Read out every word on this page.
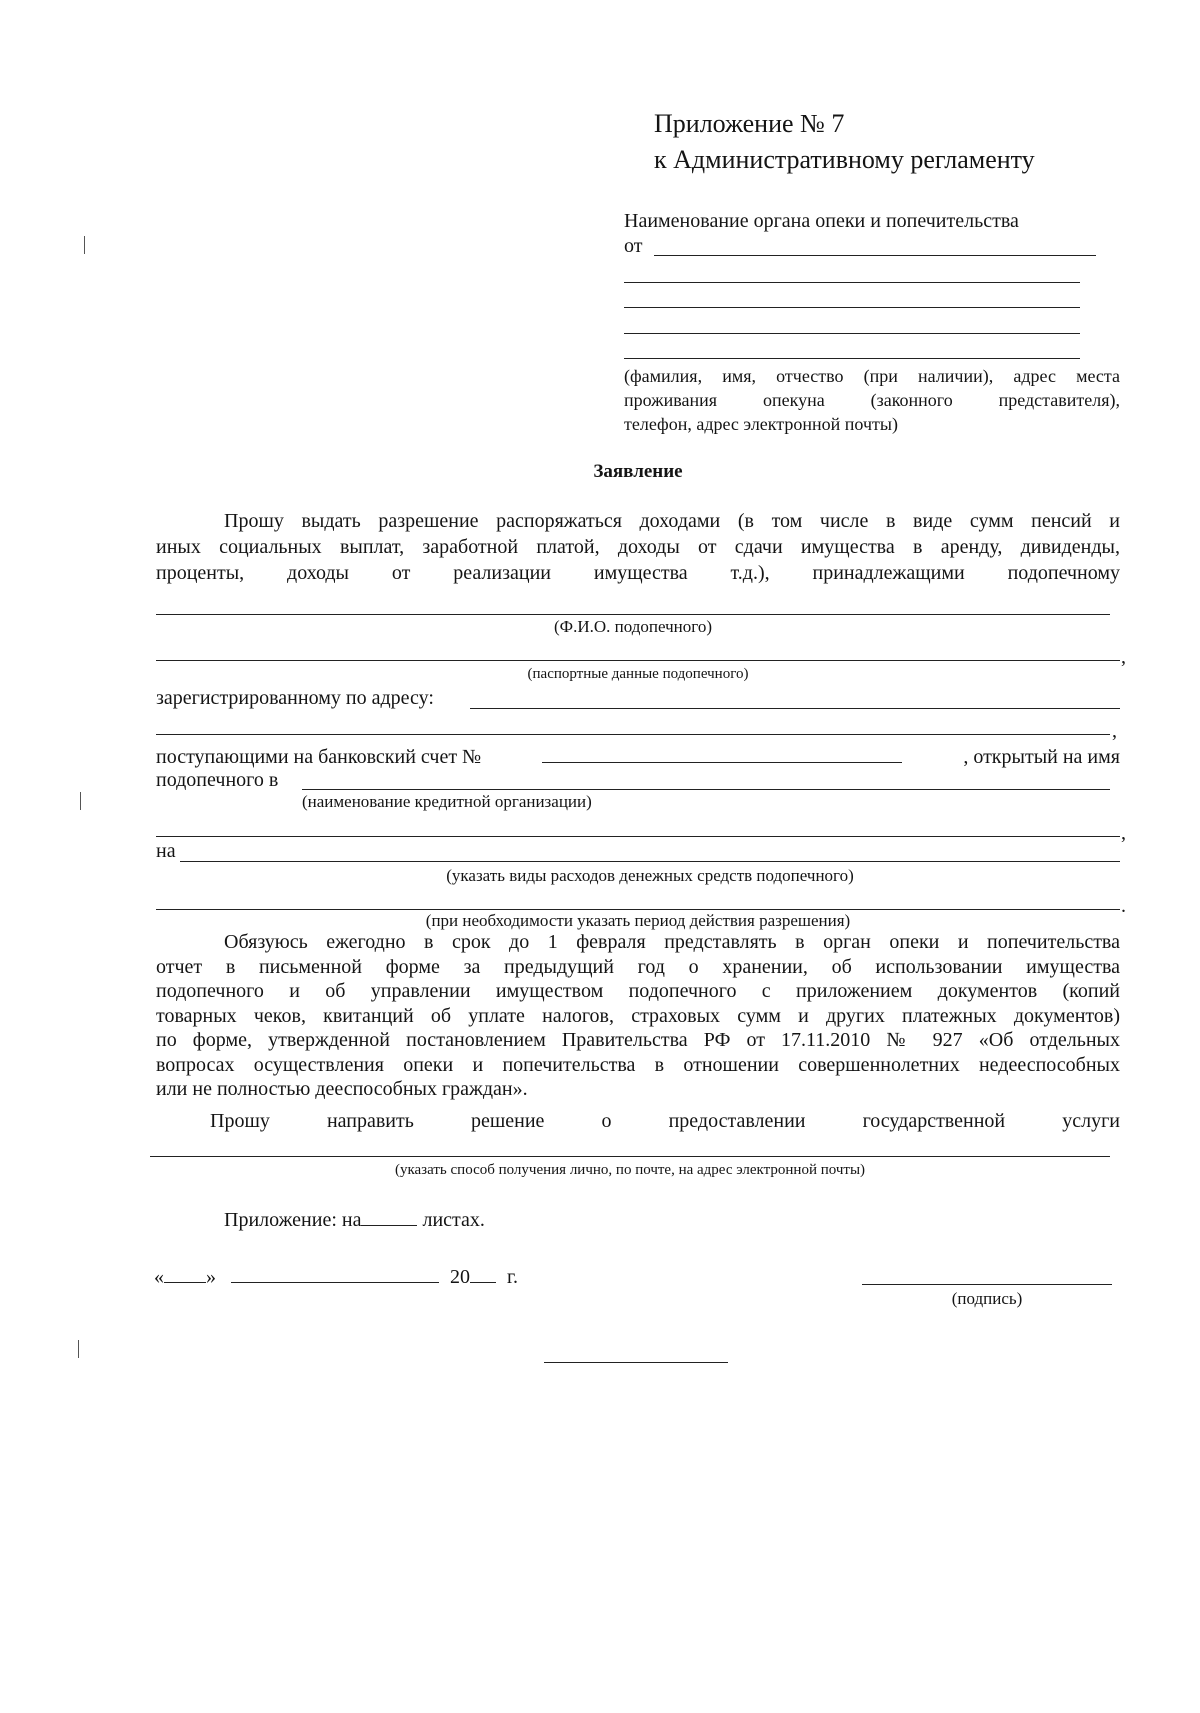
Приложение № 7
к Административному регламенту
Наименование органа опеки и попечительства
от
(фамилия, имя, отчество (при наличии), адрес места
проживания опекуна (законного представителя),
телефон, адрес электронной почты)
Заявление
Прошу выдать разрешение распоряжаться доходами (в том числе в виде сумм пенсий и
иных социальных выплат, заработной платой, доходы от сдачи имущества в аренду, дивиденды,
проценты, доходы от реализации имущества т.д.), принадлежащими подопечному
(Ф.И.О. подопечного)
,
(паспортные данные подопечного)
зарегистрированному по адресу:
,
поступающими на банковский счет №	, открытый на имя
подопечного в
(наименование кредитной организации)
,
на
(указать виды расходов денежных средств подопечного)
.
(при необходимости указать период действия разрешения)
Обязуюсь ежегодно в срок до 1 февраля представлять в орган опеки и попечительства
отчет в письменной форме за предыдущий год о хранении, об использовании имущества
подопечного и об управлении имуществом подопечного с приложением документов (копий
товарных чеков, квитанций об уплате налогов, страховых сумм и других платежных документов)
по форме, утвержденной постановлением Правительства РФ от 17.11.2010 № 927 «Об отдельных
вопросах осуществления опеки и попечительства в отношении совершеннолетних недееспособных
или не полностью дееспособных граждан».
Прошу направить решение о предоставлении государственной услуги
(указать способ получения лично, по почте, на адрес электронной почты)
Приложение: на	листах.
« »	20 г.
(подпись)
